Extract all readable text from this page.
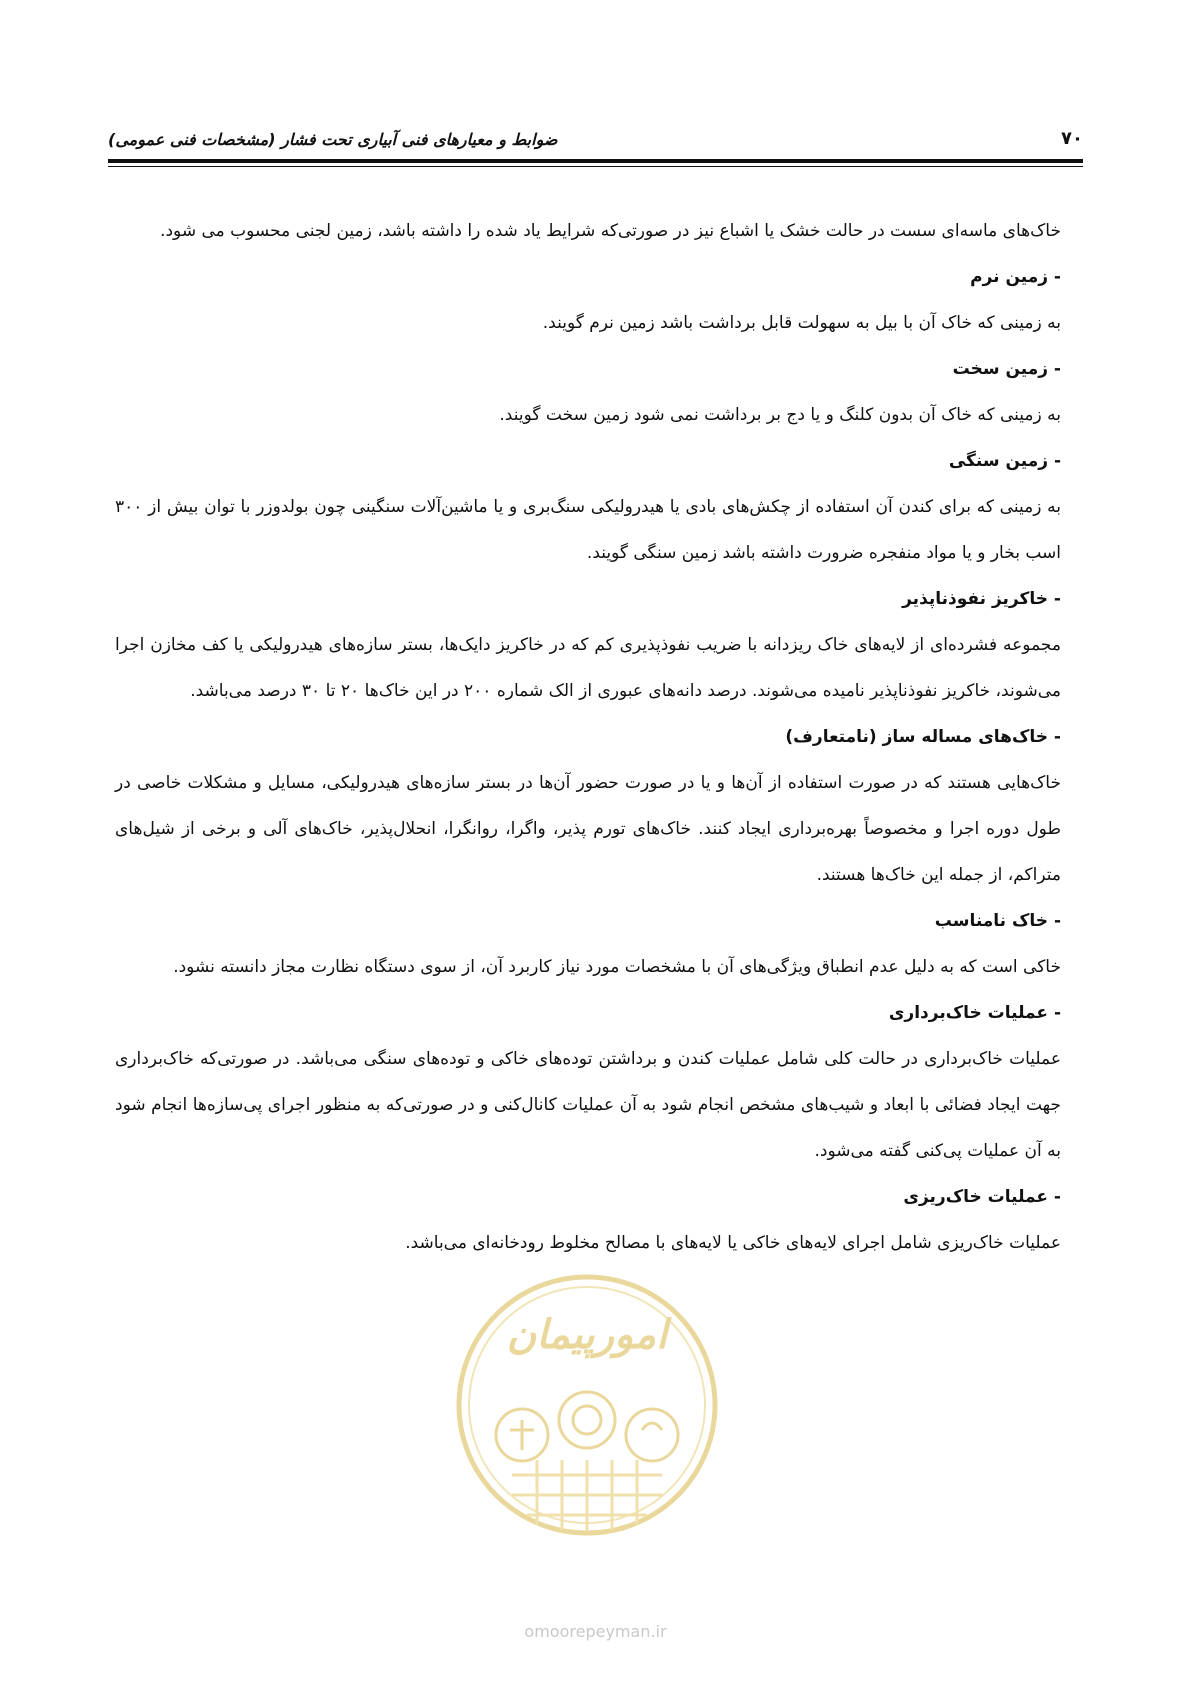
۷۰
ضوابط و معیارهای فنی آبیاری تحت فشار (مشخصات فنی عمومی)

خاک‌های ماسه‌ای سست در حالت خشک یا اشباع نیز در صورتی‌که شرایط یاد شده را داشته باشد، زمین لجنی محسوب می شود.

- زمین نرم

به زمینی که خاک آن با بیل به سهولت قابل برداشت باشد زمین نرم گویند.

- زمین سخت

به زمینی که خاک آن بدون کلنگ و یا دج بر برداشت نمی شود زمین سخت گویند.

- زمین سنگی

به زمینی که برای کندن آن استفاده از چکش‌های بادی یا هیدرولیکی سنگ‌بری و یا ماشین‌آلات سنگینی چون بولدوزر با توان بیش از ۳۰۰ اسب بخار و یا مواد منفجره ضرورت داشته باشد زمین سنگی گویند.

- خاکریز نفوذناپذیر

مجموعه فشرده‌ای از لایه‌های خاک ریزدانه با ضریب نفوذپذیری کم که در خاکریز دایک‌ها، بستر سازه‌های هیدرولیکی یا کف مخازن اجرا می‌شوند، خاکریز نفوذناپذیر نامیده می‌شوند. درصد دانه‌های عبوری از الک شماره ۲۰۰ در این خاک‌ها ۲۰ تا ۳۰ درصد می‌باشد.

- خاک‌های مساله ساز (نامتعارف)

خاک‌هایی هستند که در صورت استفاده از آن‌ها و یا در صورت حضور آن‌ها در بستر سازه‌های هیدرولیکی، مسایل و مشکلات خاصی در طول دوره اجرا و مخصوصاً بهره‌برداری ایجاد کنند. خاک‌های تورم پذیر، واگرا، روانگرا، انحلال‌پذیر، خاک‌های آلی و برخی از شیل‌های متراکم، از جمله این خاک‌ها هستند.

- خاک نامناسب

خاکی است که به دلیل عدم انطباق ویژگی‌های آن با مشخصات مورد نیاز کاربرد آن، از سوی دستگاه نظارت مجاز دانسته نشود.

- عملیات خاک‌برداری

عملیات خاک‌برداری در حالت کلی شامل عملیات کندن و برداشتن توده‌های خاکی و توده‌های سنگی می‌باشد. در صورتی‌که خاک‌برداری جهت ایجاد فضائی با ابعاد و شیب‌های مشخص انجام شود به آن عملیات کانال‌کنی و در صورتی‌که به منظور اجرای پی‌سازه‌ها انجام شود به آن عملیات پی‌کنی گفته می‌شود.

- عملیات خاک‌ریزی

عملیات خاک‌ریزی شامل اجرای لایه‌های خاکی یا لایه‌های با مصالح مخلوط رودخانه‌ای می‌باشد.

امورپیمان
omoorepeyman.ir
